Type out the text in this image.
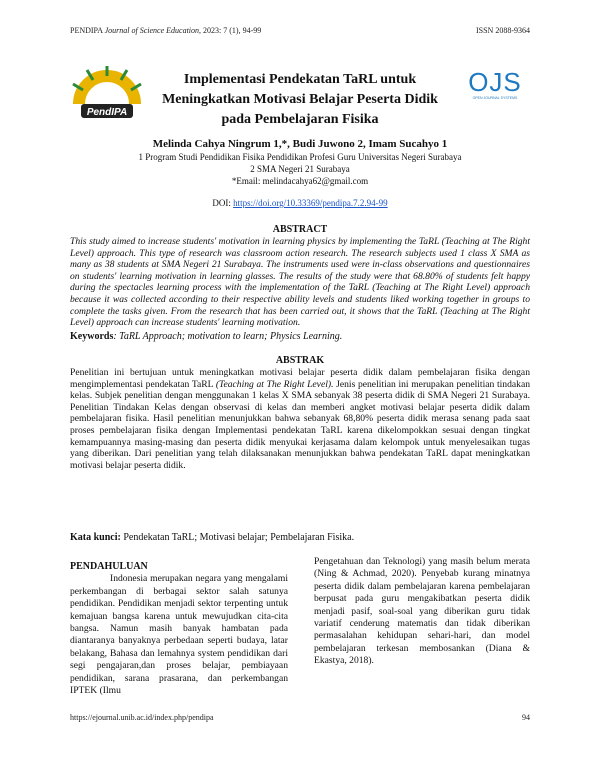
PENDIPA Journal of Science Education, 2023: 7 (1), 94-99	ISSN 2088-9364
PendIPA
OJS
OPEN JOURNAL SYSTEMS
Implementasi Pendekatan TaRL untuk Meningkatkan Motivasi Belajar Peserta Didik pada Pembelajaran Fisika
Melinda Cahya Ningrum 1,*, Budi Juwono 2, Imam Sucahyo 1
1 Program Studi Pendidikan Fisika Pendidikan Profesi Guru Universitas Negeri Surabaya
2 SMA Negeri 21 Surabaya
*Email: melindacahya62@gmail.com
DOI: https://doi.org/10.33369/pendipa.7.2.94-99
ABSTRACT
This study aimed to increase students' motivation in learning physics by implementing the TaRL (Teaching at The Right Level) approach. This type of research was classroom action research. The research subjects used 1 class X SMA as many as 38 students at SMA Negeri 21 Surabaya. The instruments used were in-class observations and questionnaires on students' learning motivation in learning glasses. The results of the study were that 68.80% of students felt happy during the spectacles learning process with the implementation of the TaRL (Teaching at The Right Level) approach because it was collected according to their respective ability levels and students liked working together in groups to complete the tasks given. From the research that has been carried out, it shows that the TaRL (Teaching at The Right Level) approach can increase students' learning motivation.
Keywords: TaRL Approach; motivation to learn; Physics Learning.
ABSTRAK
Penelitian ini bertujuan untuk meningkatkan motivasi belajar peserta didik dalam pembelajaran fisika dengan mengimplementasi pendekatan TaRL (Teaching at The Right Level). Jenis penelitian ini merupakan penelitian tindakan kelas. Subjek penelitian dengan menggunakan 1 kelas X SMA sebanyak 38 peserta didik di SMA Negeri 21 Surabaya. Penelitian Tindakan Kelas dengan observasi di kelas dan memberi angket motivasi belajar peserta didik dalam pembelajaran fisika. Hasil penelitian menunjukkan bahwa sebanyak 68,80% peserta didik merasa senang pada saat proses pembelajaran fisika dengan Implementasi pendekatan TaRL karena dikelompokkan sesuai dengan tingkat kemampuannya masing-masing dan peserta didik menyukai kerjasama dalam kelompok untuk menyelesaikan tugas yang diberikan. Dari penelitian yang telah dilaksanakan menunjukkan bahwa pendekatan TaRL dapat meningkatkan motivasi belajar peserta didik.
Kata kunci: Pendekatan TaRL; Motivasi belajar; Pembelajaran Fisika.
PENDAHULUAN
Indonesia merupakan negara yang mengalami perkembangan di berbagai sektor salah satunya pendidikan. Pendidikan menjadi sektor terpenting untuk kemajuan bangsa karena untuk mewujudkan cita-cita bangsa. Namun masih banyak hambatan pada diantaranya banyaknya perbedaan seperti budaya, latar belakang, Bahasa dan lemahnya system pendidikan dari segi pengajaran,dan proses belajar, pembiayaan pendidikan, sarana prasarana, dan perkembangan IPTEK (Ilmu
Pengetahuan dan Teknologi) yang masih belum merata (Ning & Achmad, 2020). Penyebab kurang minatnya peserta didik dalam pembelajaran karena pembelajaran berpusat pada guru mengakibatkan peserta didik menjadi pasif, soal-soal yang diberikan guru tidak variatif cenderung matematis dan tidak diberikan permasalahan kehidupan sehari-hari, dan model pembelajaran terkesan membosankan (Diana & Ekastya, 2018).
https://ejournal.unib.ac.id/index.php/pendipa	94
